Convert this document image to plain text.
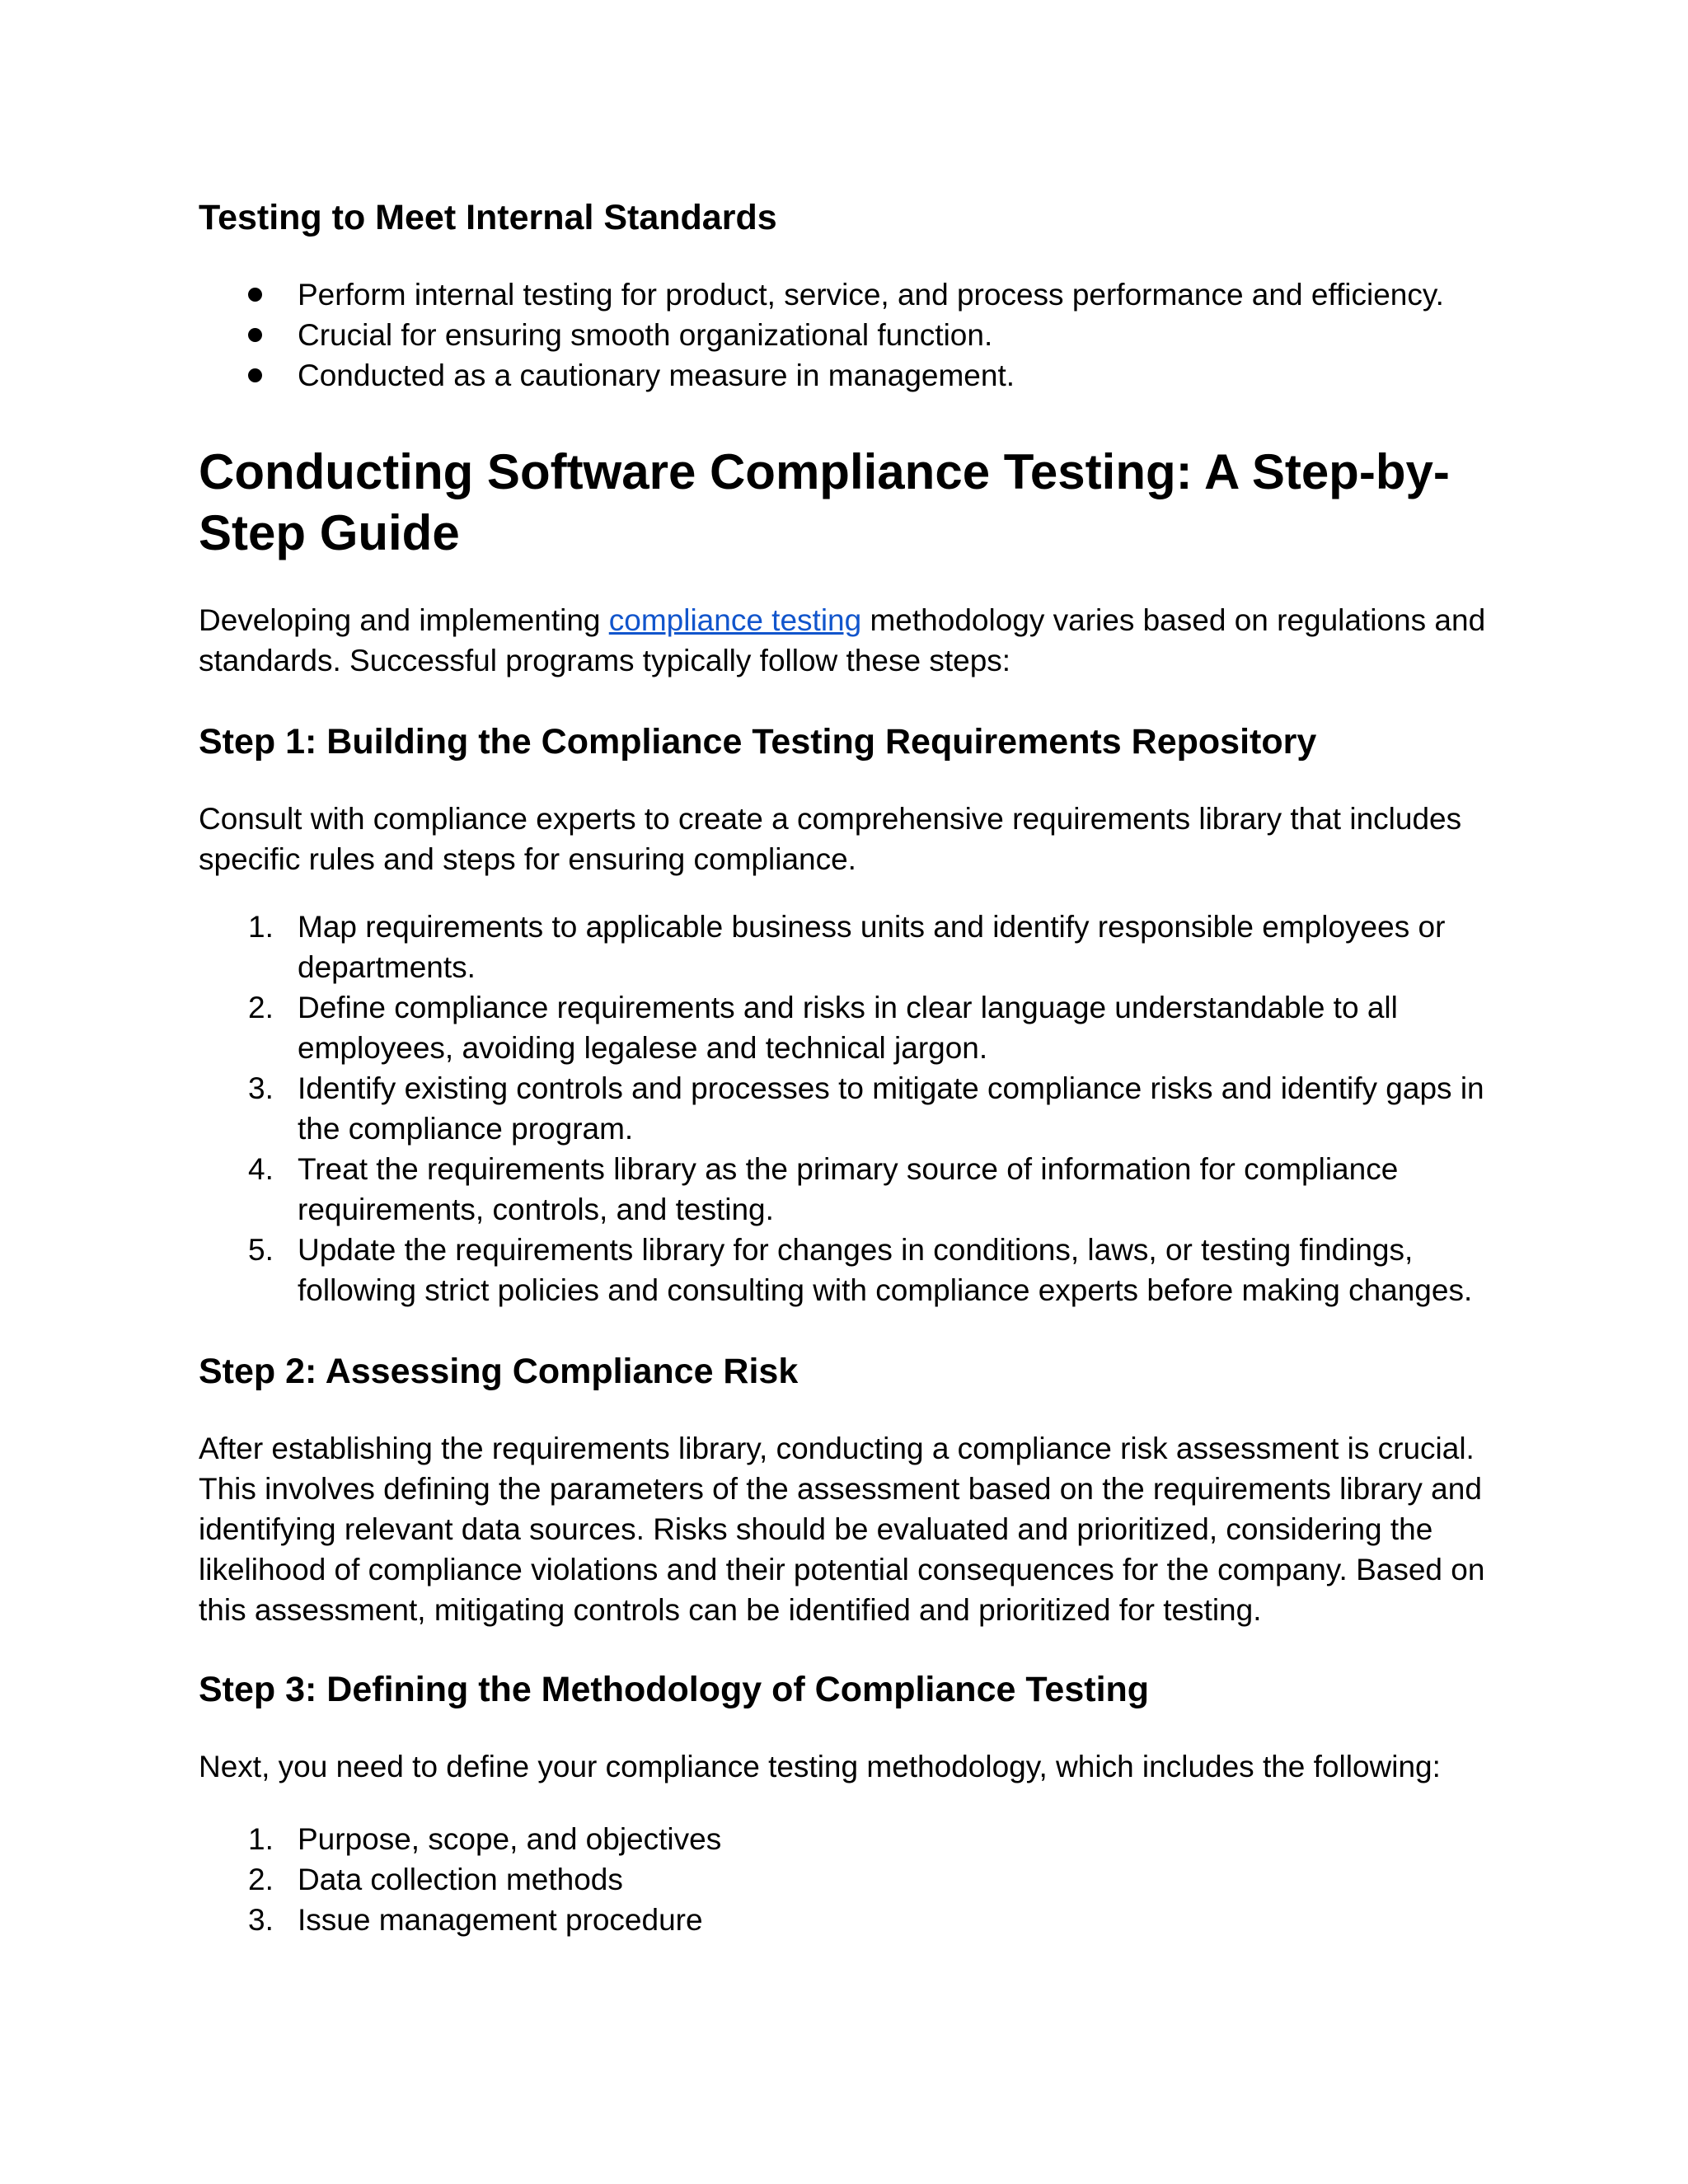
Testing to Meet Internal Standards
Perform internal testing for product, service, and process performance and efficiency.
Crucial for ensuring smooth organizational function.
Conducted as a cautionary measure in management.
Conducting Software Compliance Testing: A Step-by-Step Guide

Developing and implementing compliance testing methodology varies based on regulations and standards. Successful programs typically follow these steps:

Step 1: Building the Compliance Testing Requirements Repository

Consult with compliance experts to create a comprehensive requirements library that includes specific rules and steps for ensuring compliance.

1. Map requirements to applicable business units and identify responsible employees or departments.
2. Define compliance requirements and risks in clear language understandable to all employees, avoiding legalese and technical jargon.
3. Identify existing controls and processes to mitigate compliance risks and identify gaps in the compliance program.
4. Treat the requirements library as the primary source of information for compliance requirements, controls, and testing.
5. Update the requirements library for changes in conditions, laws, or testing findings, following strict policies and consulting with compliance experts before making changes.
Step 2: Assessing Compliance Risk

After establishing the requirements library, conducting a compliance risk assessment is crucial. This involves defining the parameters of the assessment based on the requirements library and identifying relevant data sources. Risks should be evaluated and prioritized, considering the likelihood of compliance violations and their potential consequences for the company. Based on this assessment, mitigating controls can be identified and prioritized for testing.

Step 3: Defining the Methodology of Compliance Testing

Next, you need to define your compliance testing methodology, which includes the following:

1. Purpose, scope, and objectives
2. Data collection methods
3. Issue management procedure
